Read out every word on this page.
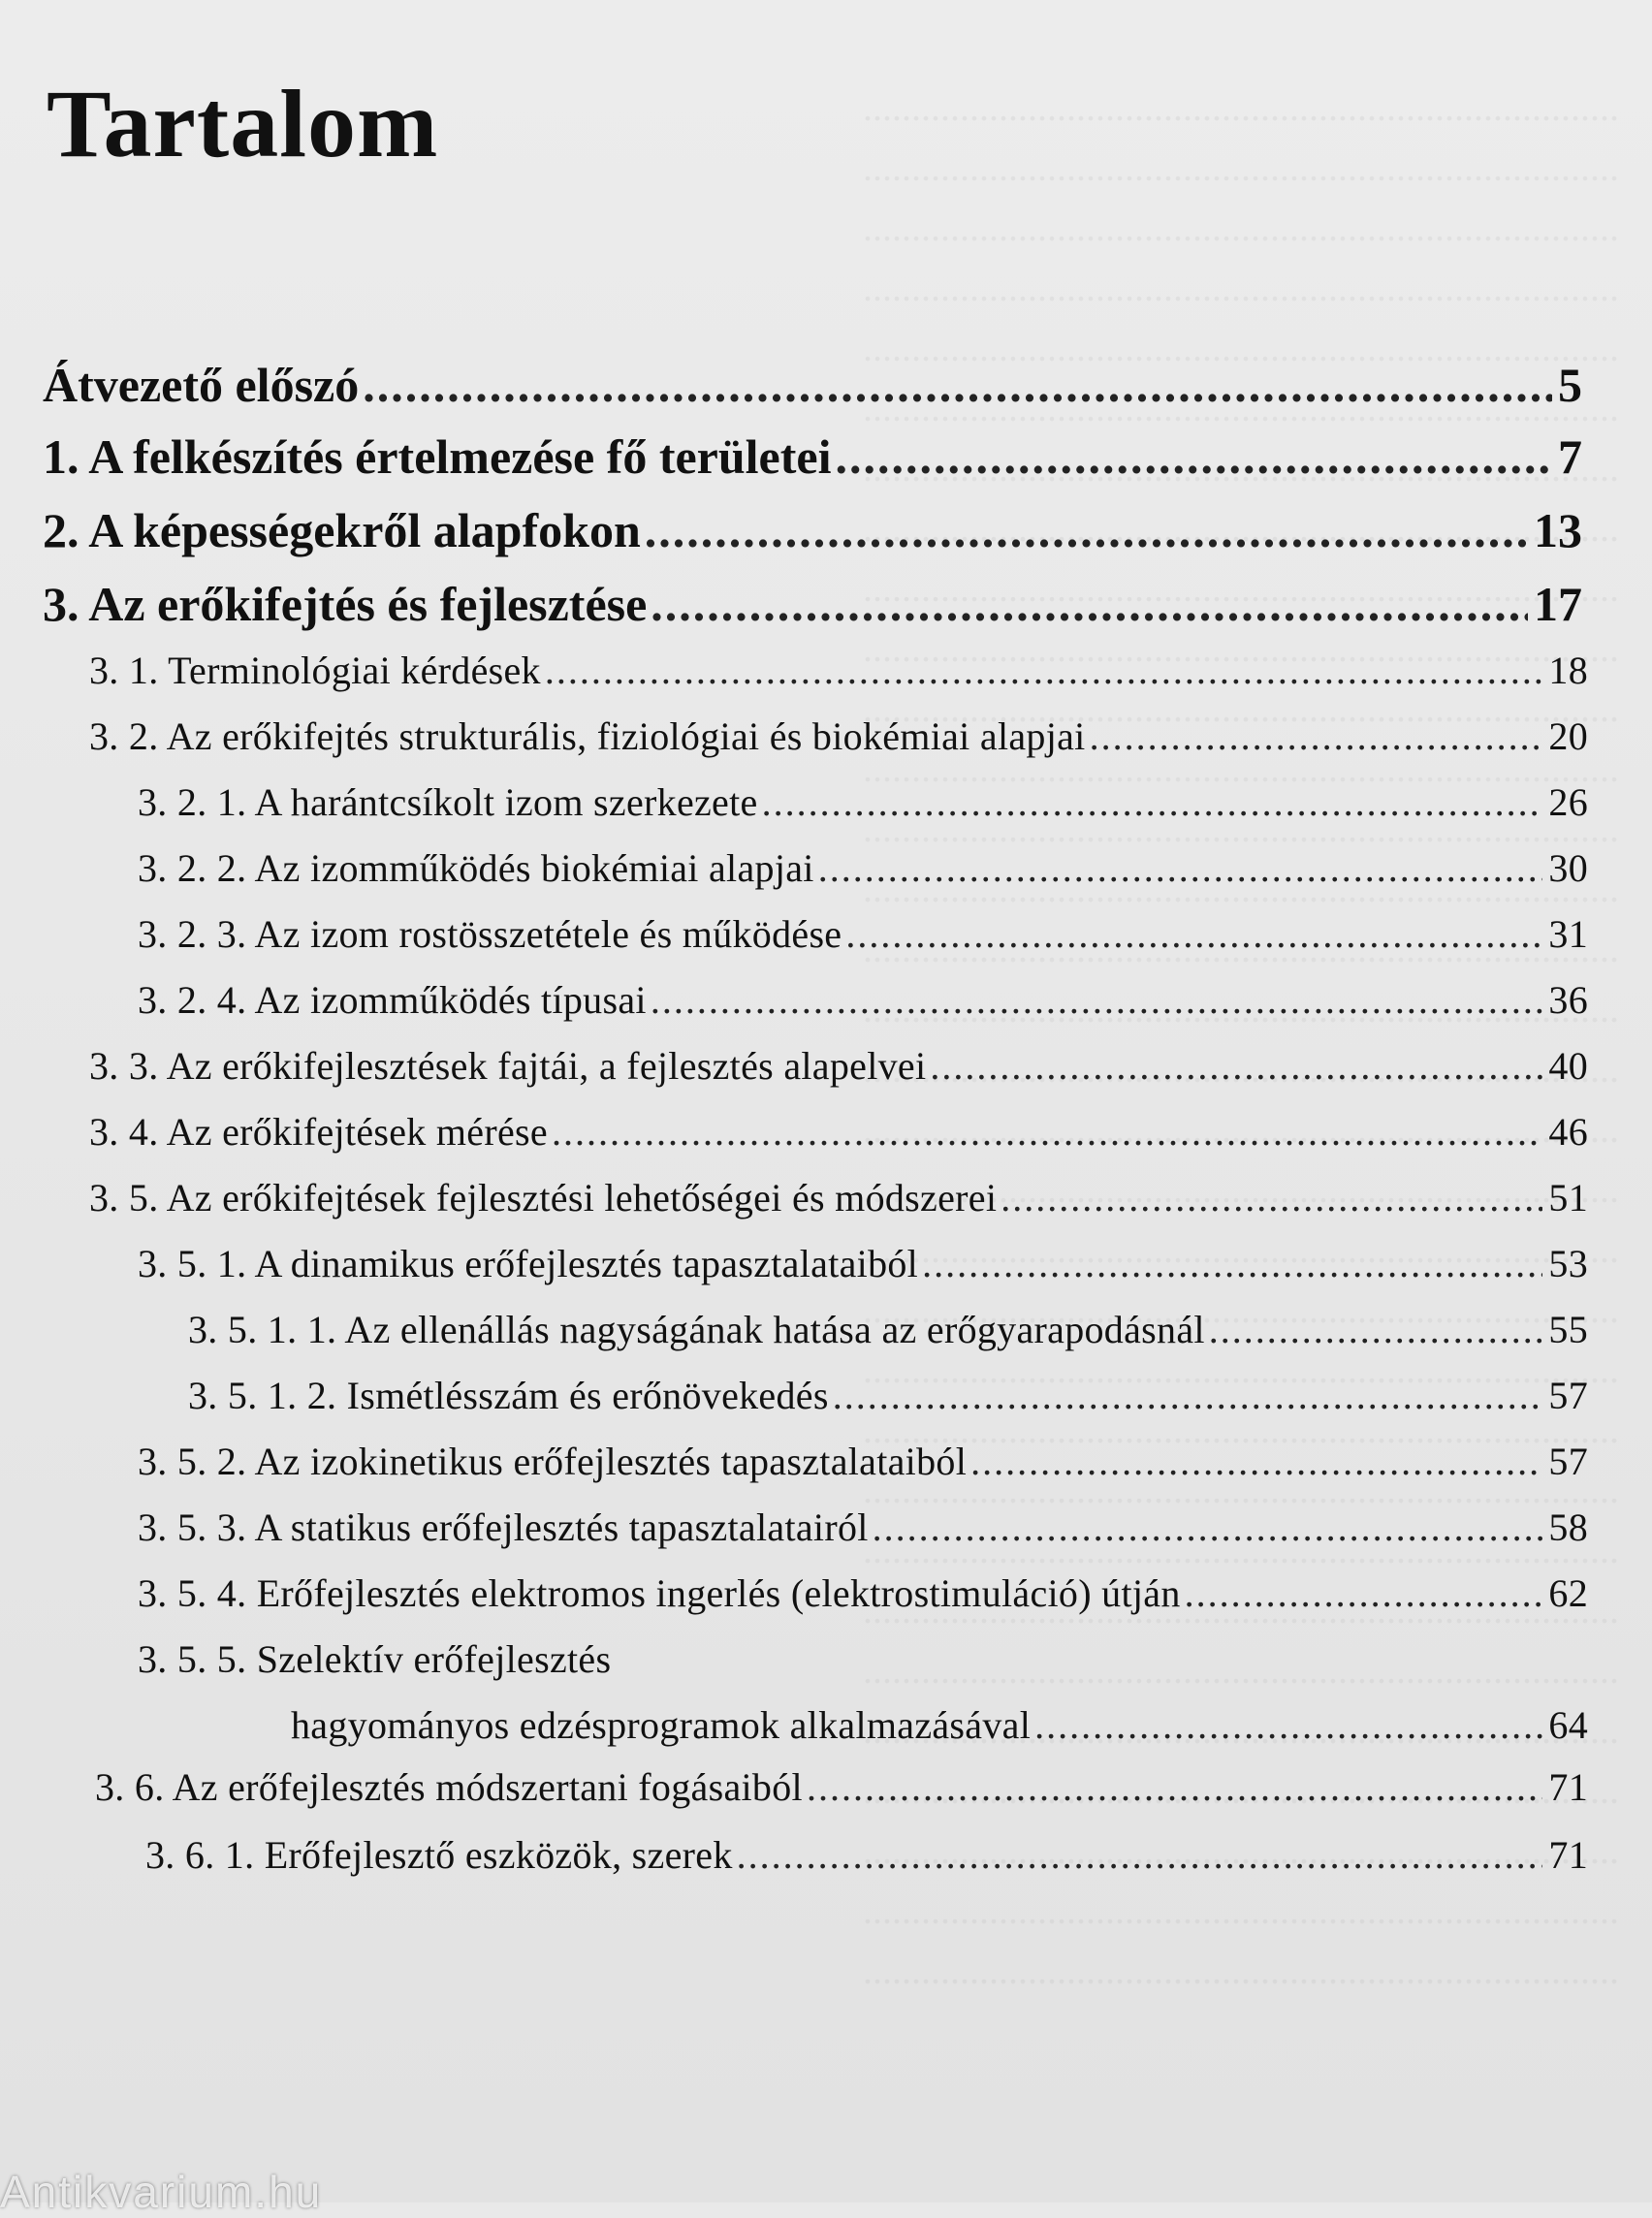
Tartalom
Átvezető előszó .....	5
1. A felkészítés értelmezése fő területei .....	7
2. A képességekről alapfokon .....	13
3. Az erőkifejtés és fejlesztése .....	17
3. 1. Terminológiai kérdések .....	18
3. 2. Az erőkifejtés strukturális, fiziológiai és biokémiai alapjai .....	20
3. 2. 1. A harántcsíkolt izom szerkezete .....	26
3. 2. 2. Az izomműködés biokémiai alapjai .....	30
3. 2. 3. Az izom rostösszetétele és működése .....	31
3. 2. 4. Az izomműködés típusai .....	36
3. 3. Az erőkifejlesztések fajtái, a fejlesztés alapelvei .....	40
3. 4. Az erőkifejtések mérése .....	46
3. 5. Az erőkifejtések fejlesztési lehetőségei és módszerei .....	51
3. 5. 1. A dinamikus erőfejlesztés tapasztalataiból .....	53
3. 5. 1. 1. Az ellenállás nagyságának hatása az erőgyarapodásnál .....	55
3. 5. 1. 2. Ismétlésszám és erőnövekedés .....	57
3. 5. 2. Az izokinetikus erőfejlesztés tapasztalataiból .....	57
3. 5. 3. A statikus erőfejlesztés tapasztalatairól .....	58
3. 5. 4. Erőfejlesztés elektromos ingerlés (elektrostimuláció) útján .....	62
3. 5. 5. Szelektív erőfejlesztés
hagyományos edzésprogramok alkalmazásával .....	64
3. 6. Az erőfejlesztés módszertani fogásaiból .....	71
3. 6. 1. Erőfejlesztő eszközök, szerek .....	71
Antikvarium.hu
